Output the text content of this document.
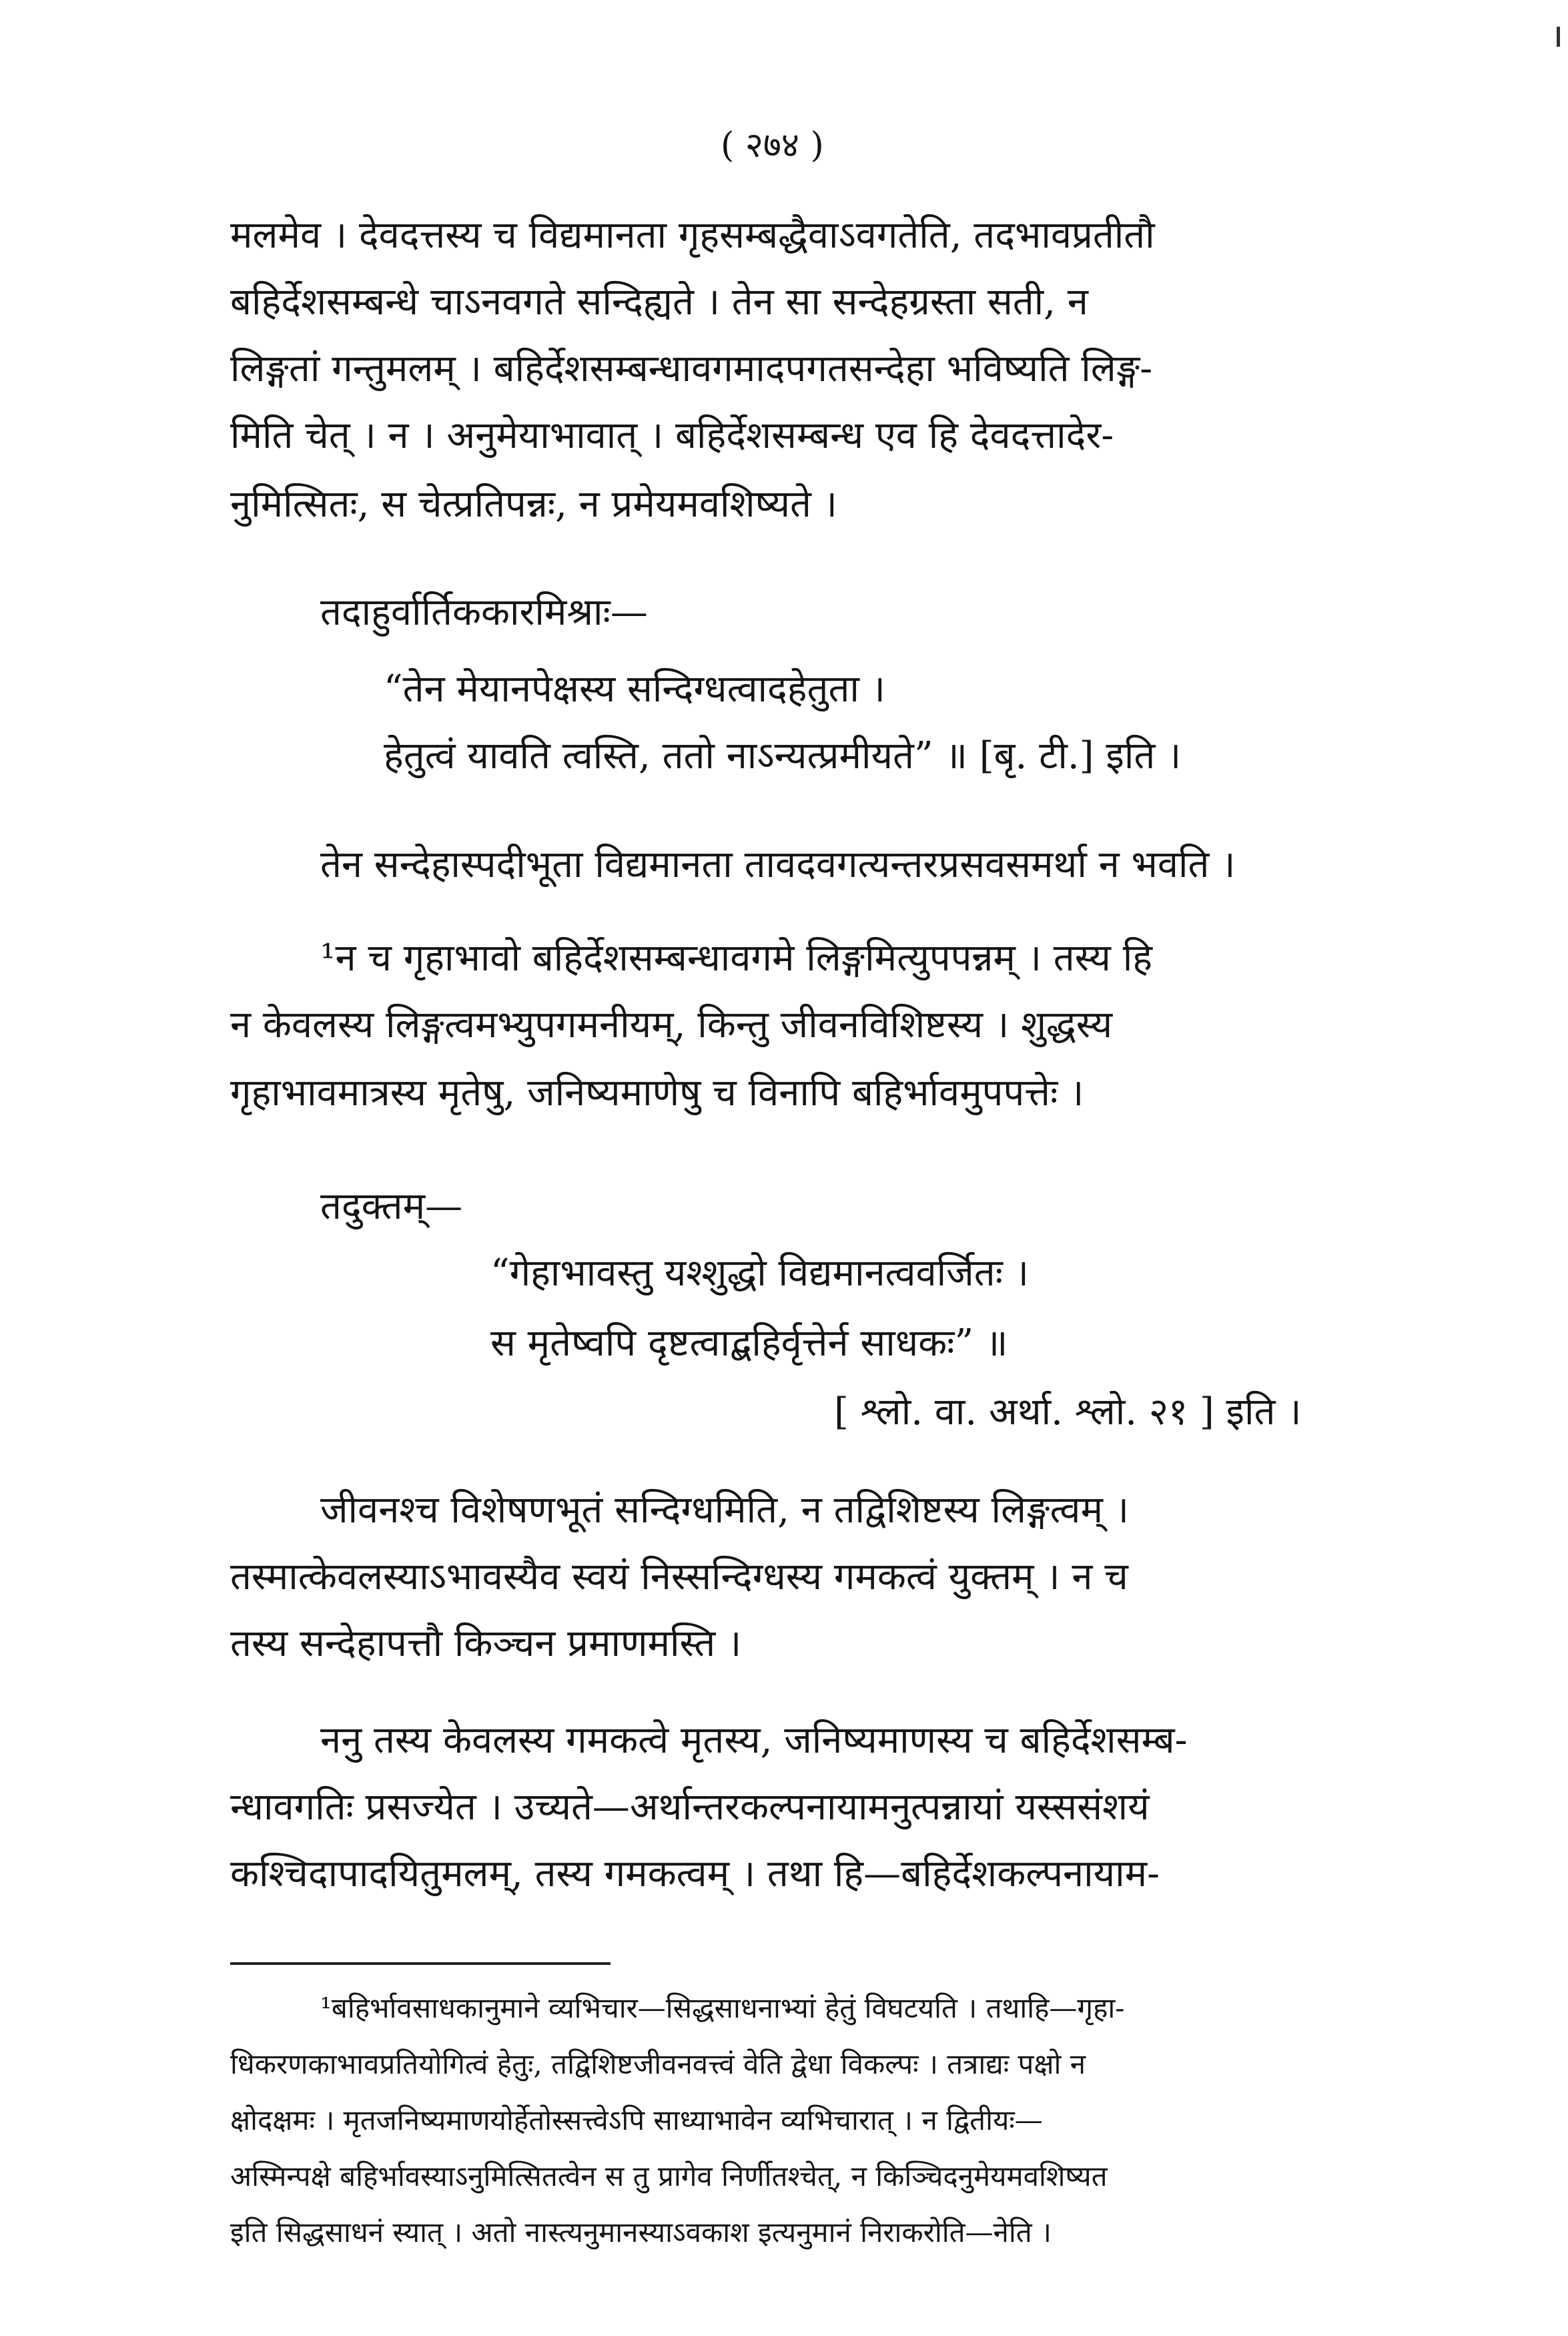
( २७४ )
मलमेव । देवदत्तस्य च विद्यमानता गृहसम्बद्धैवाऽवगतेति, तदभावप्रतीतौ
बहिर्देशसम्बन्धे चाऽनवगते सन्दिह्यते । तेन सा सन्देहग्रस्ता सती, न
लिङ्गतां गन्तुमलम् । बहिर्देशसम्बन्धावगमादपगतसन्देहा भविष्यति लिङ्ग-
मिति चेत् । न । अनुमेयाभावात् । बहिर्देशसम्बन्ध एव हि देवदत्तादेर-
नुमित्सितः, स चेत्प्रतिपन्नः, न प्रमेयमवशिष्यते ।
तदाहुर्वार्तिककारमिश्राः—
“तेन मेयानपेक्षस्य सन्दिग्धत्वादहेतुता ।
हेतुत्वं यावति त्वस्ति, ततो नाऽन्यत्प्रमीयते” ॥ [बृ. टी.] इति ।
तेन सन्देहास्पदीभूता विद्यमानता तावदवगत्यन्तरप्रसवसमर्था न भवति ।
¹न च गृहाभावो बहिर्देशसम्बन्धावगमे लिङ्गमित्युपपन्नम् । तस्य हि
न केवलस्य लिङ्गत्वमभ्युपगमनीयम्, किन्तु जीवनविशिष्टस्य । शुद्धस्य
गृहाभावमात्रस्य मृतेषु, जनिष्यमाणेषु च विनापि बहिर्भावमुपपत्तेः ।
तदुक्तम्—
“गेहाभावस्तु यश्शुद्धो विद्यमानत्ववर्जितः ।
स मृतेष्वपि दृष्टत्वाद्बहिर्वृत्तेर्न साधकः” ॥
[ श्लो. वा. अर्था. श्लो. २१ ] इति ।
जीवनश्च विशेषणभूतं सन्दिग्धमिति, न तद्विशिष्टस्य लिङ्गत्वम् ।
तस्मात्केवलस्याऽभावस्यैव स्वयं निस्सन्दिग्धस्य गमकत्वं युक्तम् । न च
तस्य सन्देहापत्तौ किञ्चन प्रमाणमस्ति ।
ननु तस्य केवलस्य गमकत्वे मृतस्य, जनिष्यमाणस्य च बहिर्देशसम्ब-
न्धावगतिः प्रसज्येत । उच्यते—अर्थान्तरकल्पनायामनुत्पन्नायां यस्ससंशयं
कश्चिदापादयितुमलम्, तस्य गमकत्वम् । तथा हि—बहिर्देशकल्पनायाम-
¹बहिर्भावसाधकानुमाने व्यभिचार—सिद्धसाधनाभ्यां हेतुं विघटयति । तथाहि—गृहा-
धिकरणकाभावप्रतियोगित्वं हेतुः, तद्विशिष्टजीवनवत्त्वं वेति द्वेधा विकल्पः । तत्राद्यः पक्षो न
क्षोदक्षमः । मृतजनिष्यमाणयोर्हेतोस्सत्त्वेऽपि साध्याभावेन व्यभिचारात् । न द्वितीयः—
अस्मिन्पक्षे बहिर्भावस्याऽनुमित्सितत्वेन स तु प्रागेव निर्णीतश्चेत्, न किञ्चिदनुमेयमवशिष्यत
इति सिद्धसाधनं स्यात् । अतो नास्त्यनुमानस्याऽवकाश इत्यनुमानं निराकरोति—नेति ।
